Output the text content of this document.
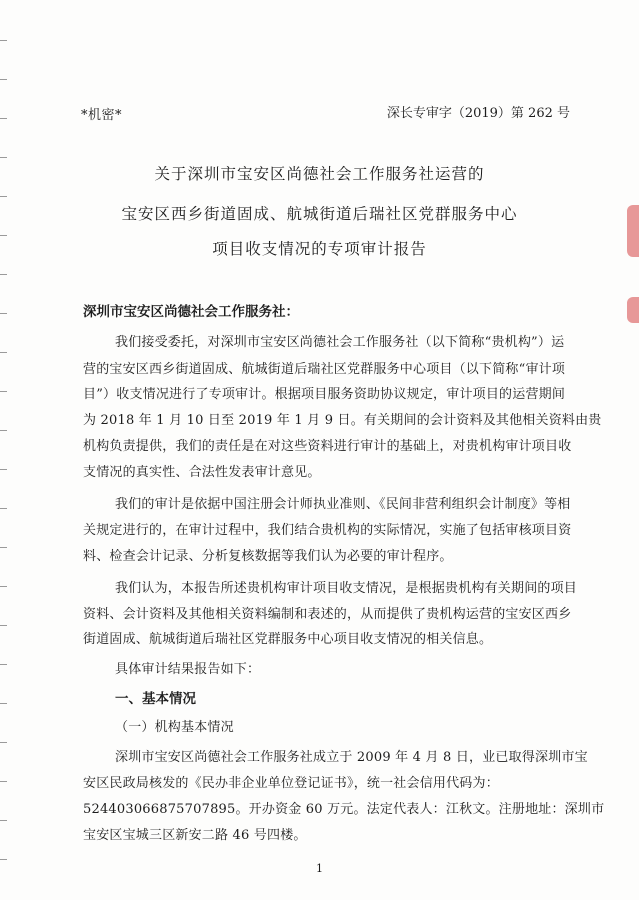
*机密*	深长专审字（2019）第 262 号
关于深圳市宝安区尚德社会工作服务社运营的
宝安区西乡街道固成、航城街道后瑞社区党群服务中心
项目收支情况的专项审计报告
深圳市宝安区尚德社会工作服务社：
我们接受委托，对深圳市宝安区尚德社会工作服务社（以下简称“贵机构”）运
营的宝安区西乡街道固成、航城街道后瑞社区党群服务中心项目（以下简称“审计项
目”）收支情况进行了专项审计。根据项目服务资助协议规定，审计项目的运营期间
为 2018 年 1 月 10 日至 2019 年 1 月 9 日。有关期间的会计资料及其他相关资料由贵
机构负责提供，我们的责任是在对这些资料进行审计的基础上，对贵机构审计项目收
支情况的真实性、合法性发表审计意见。
我们的审计是依据中国注册会计师执业准则、《民间非营利组织会计制度》等相
关规定进行的，在审计过程中，我们结合贵机构的实际情况，实施了包括审核项目资
料、检查会计记录、分析复核数据等我们认为必要的审计程序。
我们认为，本报告所述贵机构审计项目收支情况，是根据贵机构有关期间的项目
资料、会计资料及其他相关资料编制和表述的，从而提供了贵机构运营的宝安区西乡
街道固成、航城街道后瑞社区党群服务中心项目收支情况的相关信息。
具体审计结果报告如下：
一、基本情况
（一）机构基本情况
深圳市宝安区尚德社会工作服务社成立于 2009 年 4 月 8 日，业已取得深圳市宝
安区民政局核发的《民办非企业单位登记证书》，统一社会信用代码为：
52440306687570789​5。开办资金 60 万元。法定代表人：江秋文。注册地址：深圳市
宝安区宝城三区新安二路 46 号四楼。
1
